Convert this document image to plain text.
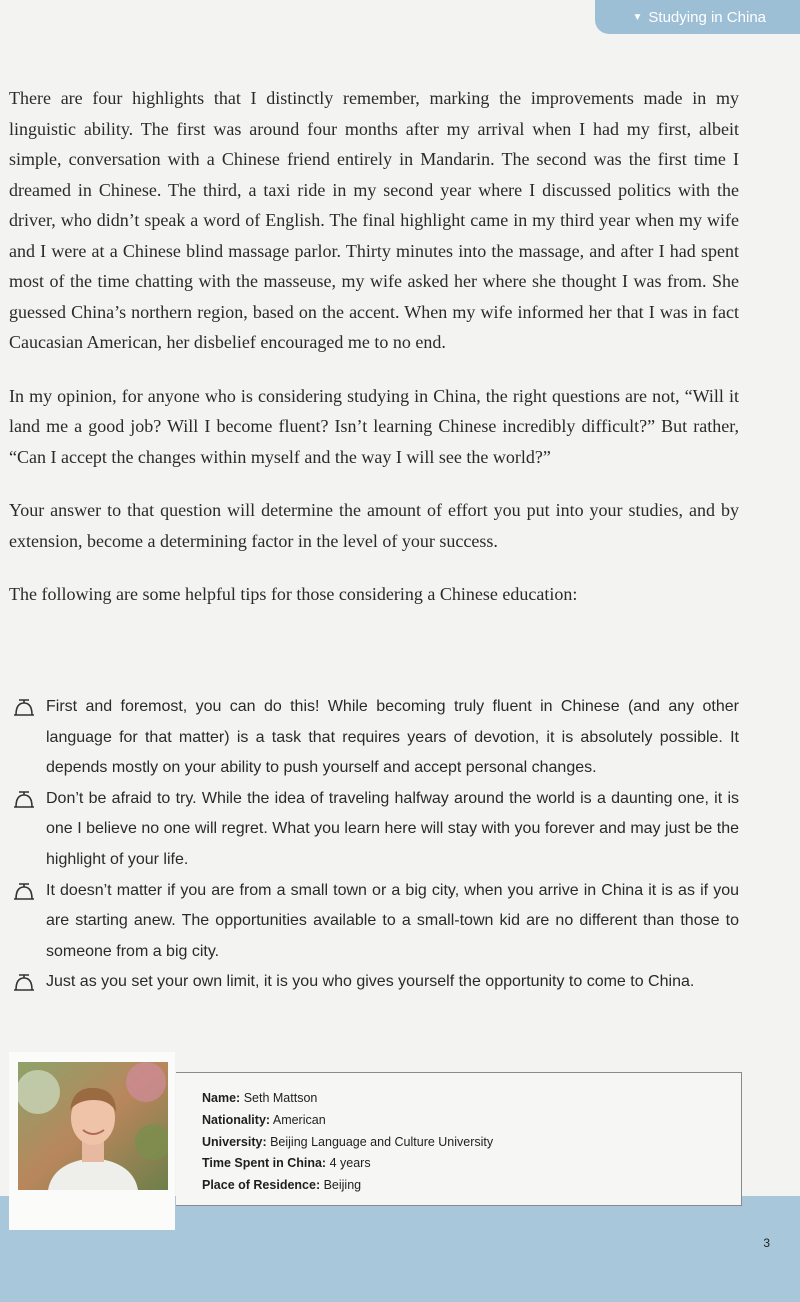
▼ Studying in China

There are four highlights that I distinctly remember, marking the improvements made in my linguistic ability. The first was around four months after my arrival when I had my first, albeit simple, conversation with a Chinese friend entirely in Mandarin. The second was the first time I dreamed in Chinese. The third, a taxi ride in my second year where I discussed politics with the driver, who didn’t speak a word of English. The final highlight came in my third year when my wife and I were at a Chinese blind massage parlor. Thirty minutes into the massage, and after I had spent most of the time chatting with the masseuse, my wife asked her where she thought I was from. She guessed China’s northern region, based on the accent. When my wife informed her that I was in fact Caucasian American, her disbelief encouraged me to no end.

In my opinion, for anyone who is considering studying in China, the right questions are not, “Will it land me a good job? Will I become fluent? Isn’t learning Chinese incredibly difficult?” But rather, “Can I accept the changes within myself and the way I will see the world?”

Your answer to that question will determine the amount of effort you put into your studies, and by extension, become a determining factor in the level of your success.

The following are some helpful tips for those considering a Chinese education:

First and foremost, you can do this! While becoming truly fluent in Chinese (and any other language for that matter) is a task that requires years of devotion, it is absolutely possible. It depends mostly on your ability to push yourself and accept personal changes.
Don’t be afraid to try. While the idea of traveling halfway around the world is a daunting one, it is one I believe no one will regret. What you learn here will stay with you forever and may just be the highlight of your life.
It doesn’t matter if you are from a small town or a big city, when you arrive in China it is as if you are starting anew. The opportunities available to a small-town kid are no different than those to someone from a big city.
Just as you set your own limit, it is you who gives yourself the opportunity to come to China.
Name: Seth Mattson
Nationality: American
University: Beijing Language and Culture University
Time Spent in China: 4 years
Place of Residence: Beijing
3
